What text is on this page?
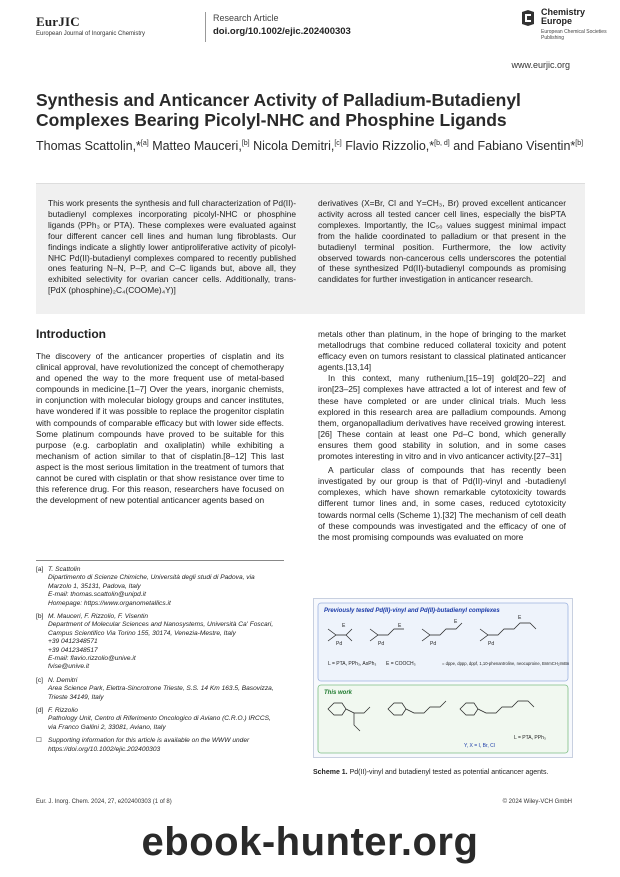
EurJIC
European Journal of Inorganic Chemistry
Research Article
doi.org/10.1002/ejic.202400303
Chemistry
Europe
European Chemical Societies Publishing
www.eurjic.org
Synthesis and Anticancer Activity of Palladium-Butadienyl Complexes Bearing Picolyl-NHC and Phosphine Ligands
Thomas Scattolin,*[a] Matteo Mauceri,[b] Nicola Demitri,[c] Flavio Rizzolio,*[b, d] and Fabiano Visentin*[b]
This work presents the synthesis and full characterization of Pd(II)-butadienyl complexes incorporating picolyl-NHC or phosphine ligands (PPh₃ or PTA). These complexes were evaluated against four different cancer cell lines and human lung fibroblasts. Our findings indicate a slightly lower antiproliferative activity of picolyl-NHC Pd(II)-butadienyl complexes compared to recently published ones featuring N–N, P–P, and C–C ligands but, above all, they exhibited selectivity for ovarian cancer cells. Additionally, trans-[PdX (phosphine)₂C₄(COOMe)₄Y)]
derivatives (X=Br, Cl and Y=CH₃, Br) proved excellent anticancer activity across all tested cancer cell lines, especially the bisPTA complexes. Importantly, the IC₅₀ values suggest minimal impact from the halide coordinated to palladium or that present in the butadienyl terminal position. Furthermore, the low activity observed towards non-cancerous cells underscores the potential of these synthesized Pd(II)-butadienyl compounds as promising candidates for further investigation in anticancer research.
Introduction

The discovery of the anticancer properties of cisplatin and its clinical approval, have revolutionized the concept of chemotherapy and opened the way to the more frequent use of metal-based compounds in medicine.[1–7] Over the years, inorganic chemists, in conjunction with molecular biology groups and cancer institutes, have wondered if it was possible to replace the progenitor cisplatin with compounds of comparable efficacy but with lower side effects. Some platinum compounds have proved to be suitable for this purpose (e.g. carboplatin and oxaliplatin) while exhibiting a mechanism of action similar to that of cisplatin.[8–12] This last aspect is the most serious limitation in the treatment of tumors that cannot be cured with cisplatin or that show resistance over time to this reference drug. For this reason, researchers have focused on the development of new potential anticancer agents based on

metals other than platinum, in the hope of bringing to the market metallodrugs that combine reduced collateral toxicity and potent efficacy even on tumors resistant to classical platinated anticancer agents.[13,14]

In this context, many ruthenium,[15–19] gold[20–22] and iron[23–25] complexes have attracted a lot of interest and few of these have completed or are under clinical trials. Much less explored in this research area are palladium compounds. Among them, organopalladium derivatives have received growing interest.[26] These contain at least one Pd–C bond, which generally ensures them good stability in solution, and in some cases promotes interesting in vitro and in vivo anticancer activity.[27–31]

A particular class of compounds that has recently been investigated by our group is that of Pd(II)-vinyl and -butadienyl complexes, which have shown remarkable cytotoxicity towards different tumor lines and, in some cases, reduced cytotoxicity towards normal cells (Scheme 1).[32] The mechanism of cell death of these compounds was investigated and the efficacy of one of the most promising compounds was evaluated on more

[a] T. Scattolin
Dipartimento di Scienze Chimiche, Università degli studi di Padova, via
Marzolo 1, 35131, Padova, Italy
E-mail: thomas.scattolin@unipd.it
Homepage: https://www.organometallics.it
[b] M. Mauceri, F. Rizzolio, F. Visentin
Department of Molecular Sciences and Nanosystems, Università Ca' Foscari,
Campus Scientifico Via Torino 155, 30174, Venezia-Mestre, Italy
+39 0412348571
+39 0412348517
E-mail: flavio.rizzolio@unive.it
fvise@unive.it
[c] N. Demitri
Area Science Park, Elettra-Sincrotrone Trieste, S.S. 14 Km 163.5, Basovizza,
Trieste 34149, Italy
[d] F. Rizzolio
Pathology Unit, Centro di Riferimento Oncologico di Aviano (C.R.O.) IRCCS,
via Franco Gallini 2, 33081, Aviano, Italy
☐ Supporting information for this article is available on the WWW under
https://doi.org/10.1002/ejic.202400303
Previously tested Pd(II)-vinyl and Pd(II)-butadienyl complexes
Pd	Pd	Pd	Pd
E	E
E
E
L = PTA, PPh₃, AsPh₃ E = COOCH₃	= dppe, dppp, dppf, 1,10-phenantroline, neocuproine, BnImCH₂ImBn
This work
Y, X = I, Br, Cl
L = PTA, PPh₃
Scheme 1. Pd(II)-vinyl and butadienyl tested as potential anticancer agents.
Eur. J. Inorg. Chem. 2024, 27, e202400303 (1 of 8)	© 2024 Wiley-VCH GmbH
ebook-hunter.org
